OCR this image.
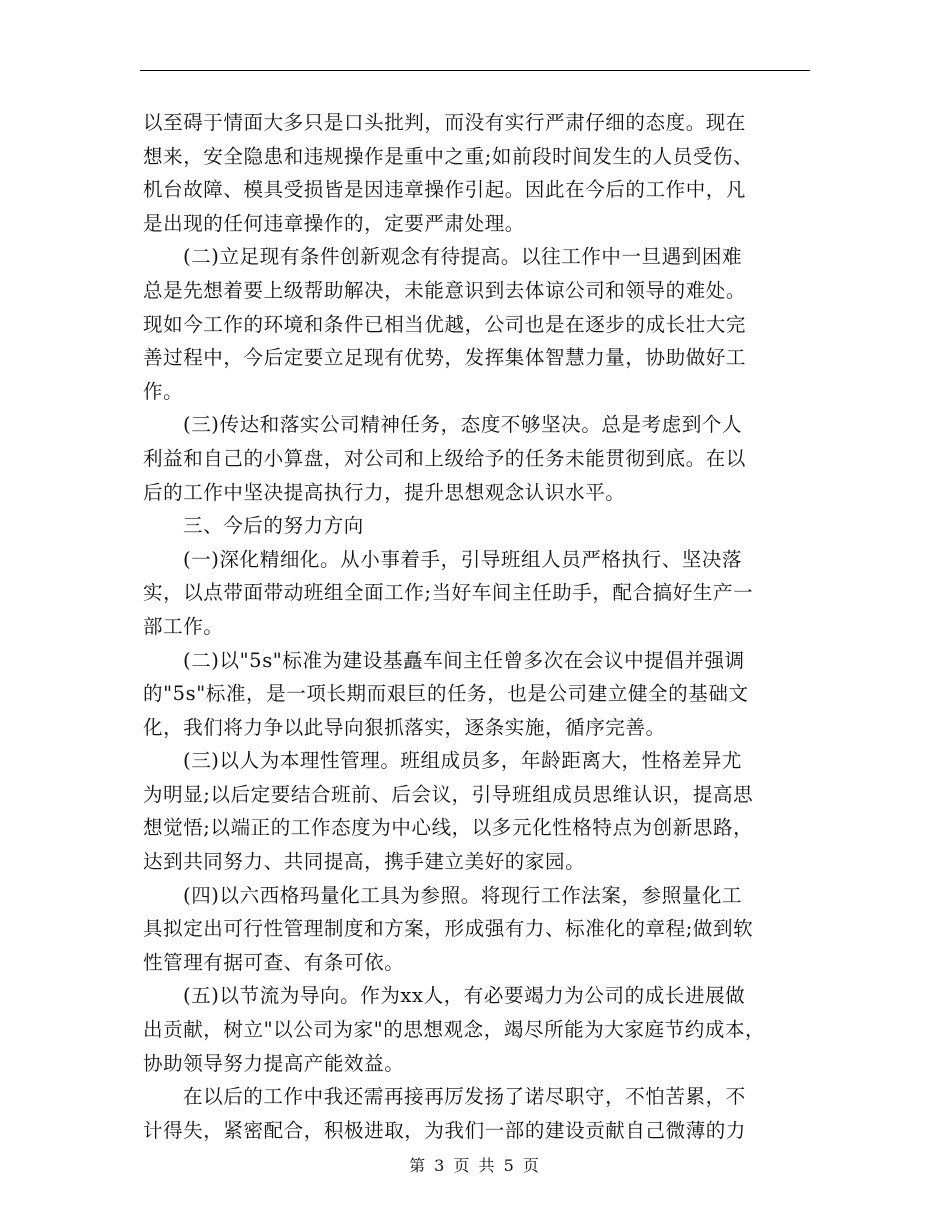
以至碍于情面大多只是口头批判，而没有实行严肃仔细的态度。现在
想来，安全隐患和违规操作是重中之重;如前段时间发生的人员受伤、
机台故障、模具受损皆是因违章操作引起。因此在今后的工作中，凡
是出现的任何违章操作的，定要严肃处理。
(二)立足现有条件创新观念有待提高。以往工作中一旦遇到困难
总是先想着要上级帮助解决，未能意识到去体谅公司和领导的难处。
现如今工作的环境和条件已相当优越，公司也是在逐步的成长壮大完
善过程中，今后定要立足现有优势，发挥集体智慧力量，协助做好工
作。
(三)传达和落实公司精神任务，态度不够坚决。总是考虑到个人
利益和自己的小算盘，对公司和上级给予的任务未能贯彻到底。在以
后的工作中坚决提高执行力，提升思想观念认识水平。
三、今后的努力方向
(一)深化精细化。从小事着手，引导班组人员严格执行、坚决落
实，以点带面带动班组全面工作;当好车间主任助手，配合搞好生产一
部工作。
(二)以"5s"标准为建设基矗车间主任曾多次在会议中提倡并强调
的"5s"标准，是一项长期而艰巨的任务，也是公司建立健全的基础文
化，我们将力争以此导向狠抓落实，逐条实施，循序完善。
(三)以人为本理性管理。班组成员多，年龄距离大，性格差异尤
为明显;以后定要结合班前、后会议，引导班组成员思维认识，提高思
想觉悟;以端正的工作态度为中心线，以多元化性格特点为创新思路，
达到共同努力、共同提高，携手建立美好的家园。
(四)以六西格玛量化工具为参照。将现行工作法案，参照量化工
具拟定出可行性管理制度和方案，形成强有力、标准化的章程;做到软
性管理有据可查、有条可依。
(五)以节流为导向。作为xx人，有必要竭力为公司的成长进展做
出贡献，树立"以公司为家"的思想观念，竭尽所能为大家庭节约成本，
协助领导努力提高产能效益。
在以后的工作中我还需再接再厉发扬了诺尽职守，不怕苦累，不
计得失，紧密配合，积极进取，为我们一部的建设贡献自己微薄的力
第 3 页 共 5 页
